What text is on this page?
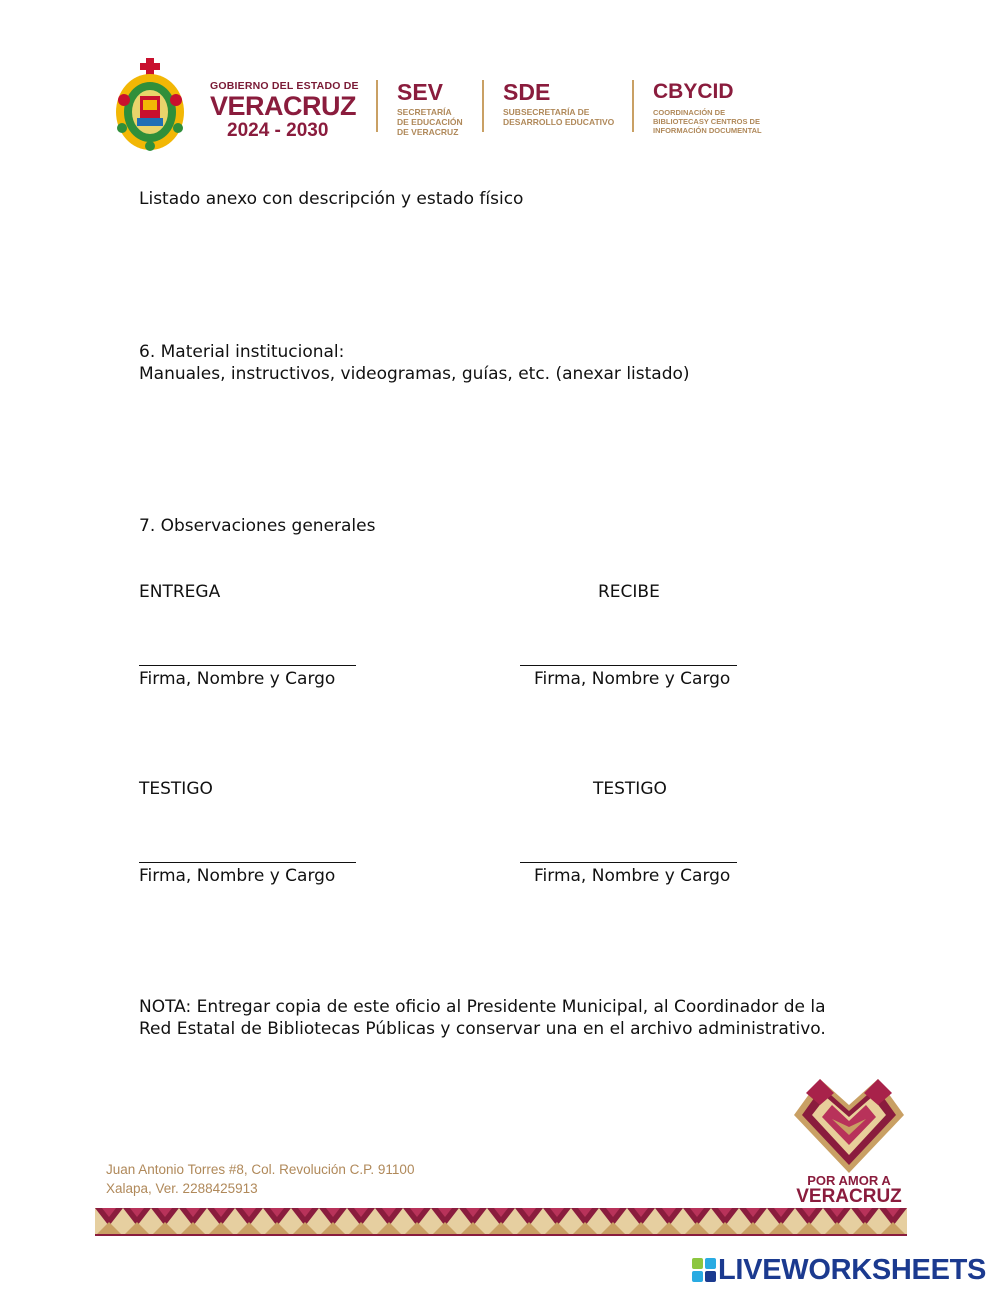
GOBIERNO DEL ESTADO DE
VERACRUZ
2024 - 2030
SEV
SECRETARÍA
DE EDUCACIÓN
DE VERACRUZ
SDE
SUBSECRETARÍA DE
DESARROLLO EDUCATIVO
CBYCID
COORDINACIÓN DE
BIBLIOTECASY CENTROS DE
INFORMACIÓN DOCUMENTAL
Listado anexo con descripción y estado físico
6. Material institucional:
Manuales, instructivos, videogramas, guías, etc. (anexar listado)
7. Observaciones generales
ENTREGA	RECIBE
Firma, Nombre y Cargo	Firma, Nombre y Cargo
TESTIGO	TESTIGO
Firma, Nombre y Cargo	Firma, Nombre y Cargo
NOTA: Entregar copia de este oficio al Presidente Municipal, al Coordinador de la
Red Estatal de Bibliotecas Públicas y conservar una en el archivo administrativo.
Juan Antonio Torres #8, Col. Revolución C.P. 91100
Xalapa, Ver. 2288425913
POR AMOR A
VERACRUZ
LIVEWORKSHEETS
